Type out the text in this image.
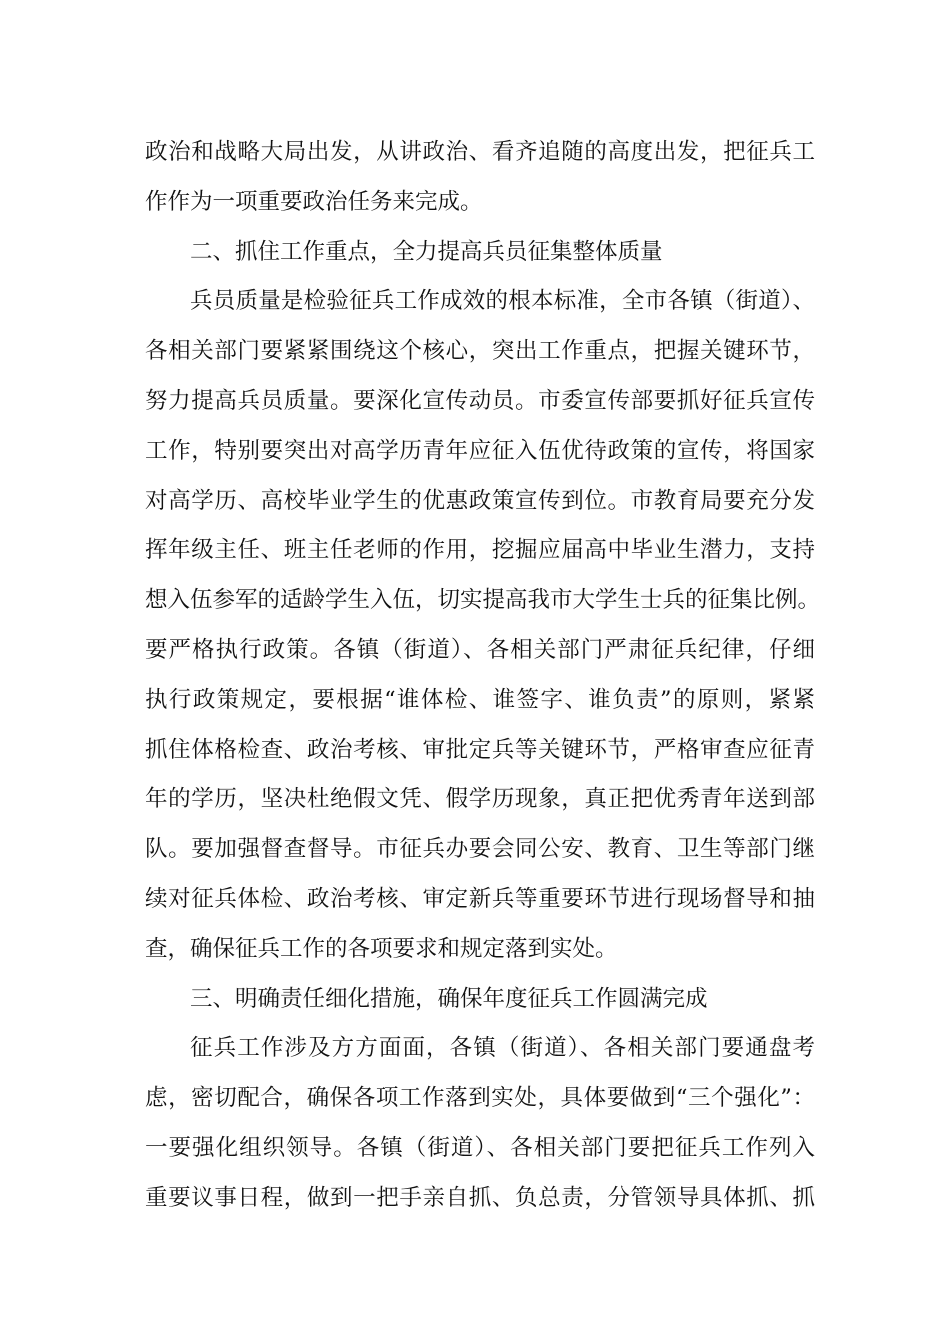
政治和战略大局出发，从讲政治、看齐追随的高度出发，把征兵工
作作为一项重要政治任务来完成。
二、抓住工作重点，全力提高兵员征集整体质量
兵员质量是检验征兵工作成效的根本标准，全市各镇（街道）、
各相关部门要紧紧围绕这个核心，突出工作重点，把握关键环节，
努力提高兵员质量。要深化宣传动员。市委宣传部要抓好征兵宣传
工作，特别要突出对高学历青年应征入伍优待政策的宣传，将国家
对高学历、高校毕业学生的优惠政策宣传到位。市教育局要充分发
挥年级主任、班主任老师的作用，挖掘应届高中毕业生潜力，支持
想入伍参军的适龄学生入伍，切实提高我市大学生士兵的征集比例。
要严格执行政策。各镇（街道）、各相关部门严肃征兵纪律，仔细
执行政策规定，要根据“谁体检、谁签字、谁负责”的原则，紧紧
抓住体格检查、政治考核、审批定兵等关键环节，严格审查应征青
年的学历，坚决杜绝假文凭、假学历现象，真正把优秀青年送到部
队。要加强督查督导。市征兵办要会同公安、教育、卫生等部门继
续对征兵体检、政治考核、审定新兵等重要环节进行现场督导和抽
查，确保征兵工作的各项要求和规定落到实处。
三、明确责任细化措施，确保年度征兵工作圆满完成
征兵工作涉及方方面面，各镇（街道）、各相关部门要通盘考
虑，密切配合，确保各项工作落到实处，具体要做到“三个强化”：
一要强化组织领导。各镇（街道）、各相关部门要把征兵工作列入
重要议事日程，做到一把手亲自抓、负总责，分管领导具体抓、抓
